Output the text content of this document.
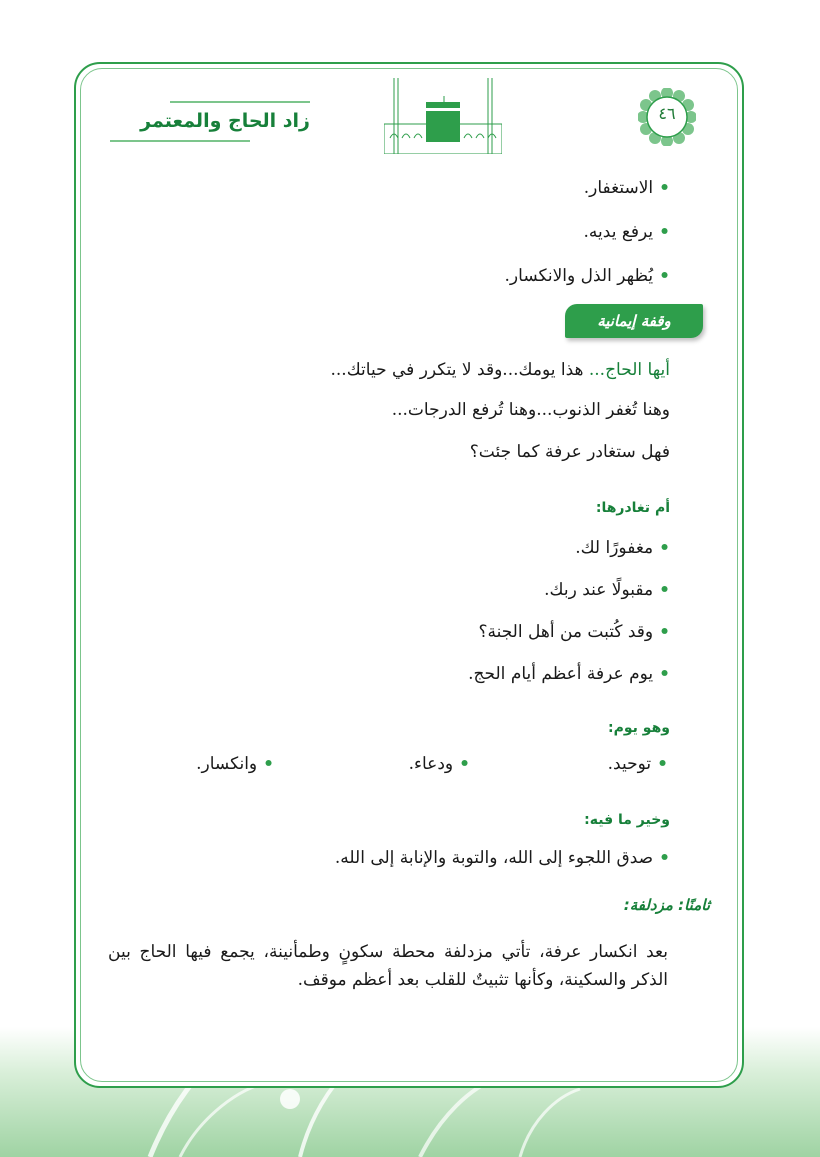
٤٦
زاد الحاج والمعتمر
• الاستغفار.
• يرفع يديه.
• يُظهر الذل والانكسار.
أيها الحاج... هذا يومك...وقد لا يتكرر في حياتك...
وهنا تُغفر الذنوب...وهنا تُرفع الدرجات...
فهل ستغادر عرفة كما جئت؟
أم تغادرها:
• مغفورًا لك.
• مقبولًا عند ربك.
• وقد كُتبت من أهل الجنة؟
• يوم عرفة أعظم أيام الحج.
وهو يوم:
وخير ما فيه:
• صدق اللجوء إلى الله، والتوبة والإنابة إلى الله.
وقفة إيمانية
• توحيد.
• ودعاء.
• وانكسار.
ثامنًا: مزدلفة:
بعد انكسار عرفة، تأتي مزدلفة محطة سكونٍ وطمأنينة، يجمع فيها الحاج بين الذكر والسكينة، وكأنها تثبيتٌ للقلب بعد أعظم موقف.
